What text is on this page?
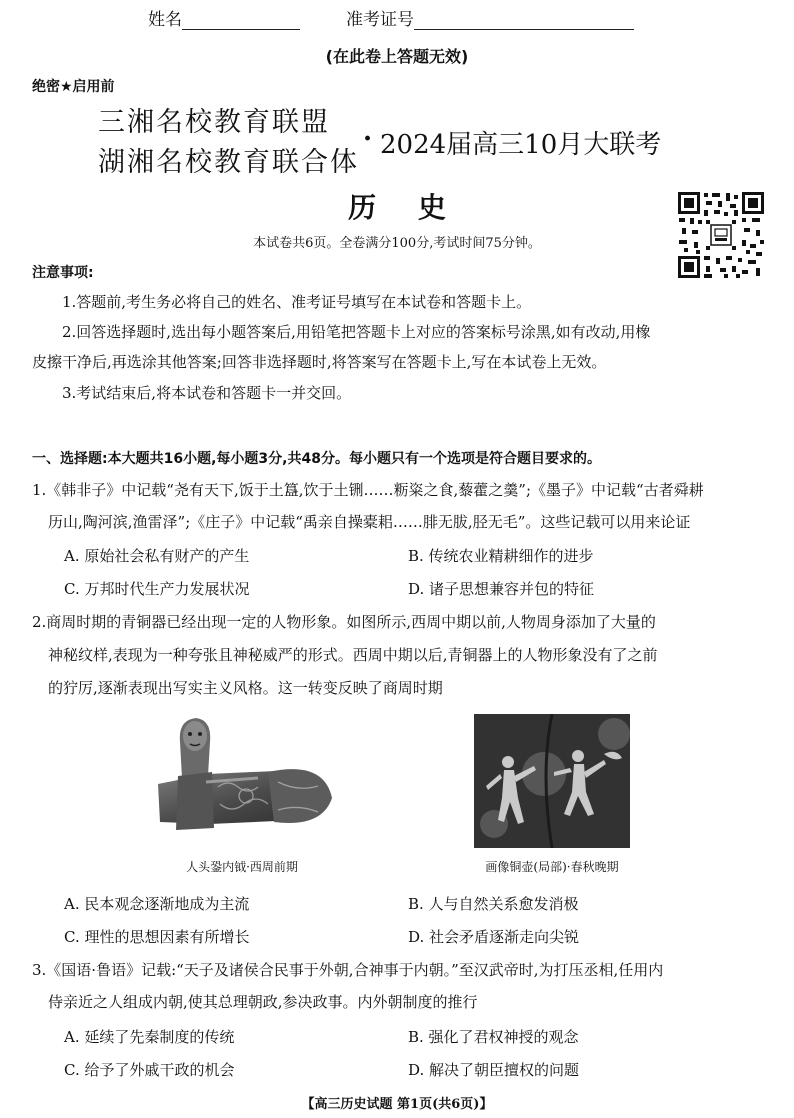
姓名	准考证号
(在此卷上答题无效)
绝密★启用前
三湘名校教育联盟
湖湘名校教育联合体
· 2024届高三10月大联考
历 史
本试卷共6页。全卷满分100分,考试时间75分钟。
注意事项:
1.答题前,考生务必将自己的姓名、准考证号填写在本试卷和答题卡上。
2.回答选择题时,选出每小题答案后,用铅笔把答题卡上对应的答案标号涂黑,如有改动,用橡
皮擦干净后,再选涂其他答案;回答非选择题时,将答案写在答题卡上,写在本试卷上无效。
3.考试结束后,将本试卷和答题卡一并交回。
一、选择题:本大题共16小题,每小题3分,共48分。每小题只有一个选项是符合题目要求的。
1.《韩非子》中记载“尧有天下,饭于土簋,饮于土铏……粝粢之食,藜藿之羹”;《墨子》中记载“古者舜耕
历山,陶河滨,渔雷泽”;《庄子》中记载“禹亲自操橐耜……腓无胈,胫无毛”。这些记载可以用来论证
A. 原始社会私有财产的产生	B. 传统农业精耕细作的进步
C. 万邦时代生产力发展状况	D. 诸子思想兼容并包的特征
2.商周时期的青铜器已经出现一定的人物形象。如图所示,西周中期以前,人物周身添加了大量的
神秘纹样,表现为一种夸张且神秘威严的形式。西周中期以后,青铜器上的人物形象没有了之前
的狞厉,逐渐表现出写实主义风格。这一转变反映了商周时期
人头銎内钺·西周前期	画像铜壶(局部)·春秋晚期
A. 民本观念逐渐地成为主流	B. 人与自然关系愈发消极
C. 理性的思想因素有所增长	D. 社会矛盾逐渐走向尖锐
3.《国语·鲁语》记载:“天子及诸侯合民事于外朝,合神事于内朝。”至汉武帝时,为打压丞相,任用内
侍亲近之人组成内朝,使其总理朝政,参决政事。内外朝制度的推行
A. 延续了先秦制度的传统	B. 强化了君权神授的观念
C. 给予了外戚干政的机会	D. 解决了朝臣擅权的问题
【高三历史试题 第1页(共6页)】
